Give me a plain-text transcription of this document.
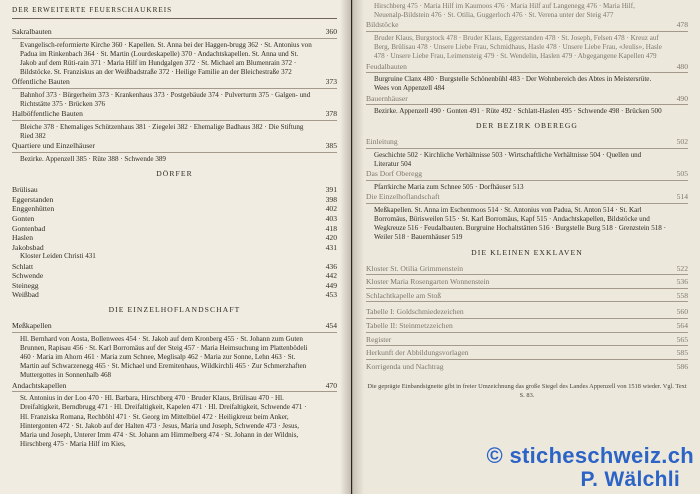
DER ERWEITERTE FEUERSCHAUKREIS
Sakralbauten	360
Evangelisch-reformierte Kirche 360 · Kapellen. St. Anna bei der Haggen-brugg 362 · St. Antonius von Padua im Rinkenbach 364 · St. Martin (Lourdeskapelle) 370 · Andachtskapellen. St. Anna und St. Jakob auf dem Rüti-rain 371 · Maria Hilf im Hundgalgen 372 · St. Michael am Blumenrain 372 · Bildstöcke. St. Franziskus an der Weißbadstraße 372 · Heilige Familie an der Bleichestraße 372
Öffentliche Bauten	373
Bahnhof 373 · Bürgerheim 373 · Krankenhaus 373 · Postgebäude 374 · Pulverturm 375 · Galgen- und Richtstätte 375 · Brücken 376
Halböffentliche Bauten	378
Bleiche 378 · Ehemaliges Schützenhaus 381 · Ziegelei 382 · Ehemalige Badhaus 382 · Die Stiftung Ried 382
Quartiere und Einzelhäuser	385
Bezirke. Appenzell 385 · Rüte 388 · Schwende 389
DÖRFER
Brülisau	391
Eggerstanden	398
Enggenhütten	402
Gonten	403
Gontenbad	418
Haslen	420
Jakobsbad	431
Kloster Leiden Christi 431
Schlatt	436
Schwende	442
Steinegg	449
Weißbad	453
DIE EINZELHOFLANDSCHAFT
Meßkapellen	454
Hl. Bernhard von Aosta, Bollenwees 454 · St. Jakob auf dem Kronberg 455 · St. Johann zum Guten Brunnen, Rapisau 456 · St. Karl Borromäus auf der Steig 457 · Maria Heimsuchung im Plattenbödeli 460 · Maria im Ahorn 461 · Maria zum Schnee, Meglisalp 462 · Maria zur Sonne, Lehn 463 · St. Martin auf Schwarzenegg 465 · St. Michael und Eremitenhaus, Wildkirchli 465 · Zur Schmerzhaften Muttergottes in Sonnenhalb 468
Andachtskapellen	470
St. Antonius in der Loo 470 · Hl. Barbara, Hirschberg 470 · Bruder Klaus, Brülisau 470 · Hl. Dreifaltigkeit, Berndbrugg 471 · Hl. Dreifaltigkeit, Kapelen 471 · Hl. Dreifaltigkeit, Schwende 471 · Hl. Franziska Romana, Rechböhl 471 · St. Georg im Mittelbüel 472 · Heiligkreuz beim Anker, Hintergonten 472 · St. Jakob auf der Halten 473 · Jesus, Maria und Joseph, Schwende 473 · Jesus, Maria und Joseph, Unterer Imm 474 · St. Johann am Himmelberg 474 · St. Johann in der Wildnis, Hirschberg 475 · Maria Hilf im Kies,
Hirschberg 475 · Maria Hilf im Kaumoos 476 · Maria Hilf auf Langenegg 476 · Maria Hilf, Neuenalp-Bildstein 476 · St. Otilia, Guggerloch 476 · St. Verena unter der Steig 477
Bildstöcke	478
Bruder Klaus, Burgstock 478 · Bruder Klaus, Eggerstanden 478 · St. Joseph, Felsen 478 · Kreuz auf Berg, Brülisau 478 · Unsere Liebe Frau, Schmidhaus, Hasle 478 · Unsere Liebe Frau, «Jeulis», Hasle 478 · Unsere Liebe Frau, Leimensteig 479 · St. Wendelin, Haslen 479 · Abgegangene Kapellen 479
Feudalbauten	480
Burgruine Clanx 480 · Burgstelle Schönenbühl 483 · Der Wohnbereich des Abtes in Meistersrüte. Wees von Appenzell 484
Bauernhäuser	490
Bezirke. Appenzell 490 · Gonten 491 · Rüte 492 · Schlatt-Haslen 495 · Schwende 498 · Brücken 500
DER BEZIRK OBEREGG
Einleitung	502
Geschichte 502 · Kirchliche Verhältnisse 503 · Wirtschaftliche Verhältnisse 504 · Quellen und Literatur 504
Das Dorf Oberegg	505
Pfarrkirche Maria zum Schnee 505 · Dorfhäuser 513
Die Einzelhoflandschaft	514
Meßkapellen. St. Anna im Eschenmoos 514 · St. Antonius von Padua, St. Anton 514 · St. Karl Borromäus, Bürisweilen 515 · St. Karl Borromäus, Kapf 515 · Andachtskapellen, Bildstöcke und Wegkreuze 516 · Feudalbauten. Burgruine Hochaltstätten 516 · Burgstelle Burg 518 · Grenzstein 518 · Weiler 518 · Bauernhäuser 519
DIE KLEINEN EXKLAVEN
Kloster St. Otilia Grimmenstein	522
Kloster Maria Rosengarten Wonnenstein	536
Schlachtkapelle am Stoß	558
Tabelle I: Goldschmiedezeichen	560
Tabelle II: Steinmetzzeichen	564
Register	565
Herkunft der Abbildungsvorlagen	585
Korrigenda und Nachtrag	586
Die geprägte Einbandsignette gibt in freier Umzeichnung das große Siegel des Landes Appenzell von 1518 wieder. Vgl. Text S. 83.
© sticheschweiz.ch
P. Wälchli
